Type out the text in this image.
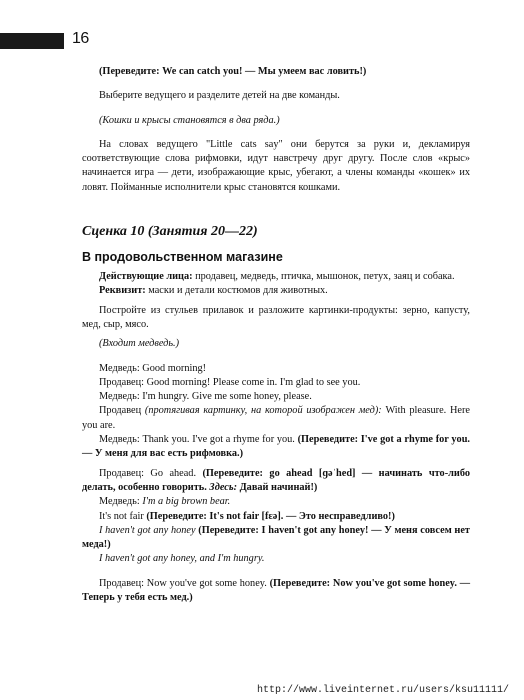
16

(Переведите: We can catch you! — Мы умеем вас ловить!)

Выберите ведущего и разделите детей на две команды.

(Кошки и крысы становятся в два ряда.)

На словах ведущего "Little cats say" они берутся за руки и, декламируя соответствующие слова рифмовки, идут навстречу друг другу. После слов «крыс» начинается игра — дети, изображающие крыс, убегают, а члены команды «кошек» их ловят. Пойманные исполнители крыс становятся кошками.

Сценка 10 (Занятия 20—22)
В продовольственном магазине

Действующие лица: продавец, медведь, птичка, мышонок, петух, заяц и собака.

Реквизит: маски и детали костюмов для животных.

Постройте из стульев прилавок и разложите картинки-продукты: зерно, капусту, мед, сыр, мясо.

(Входит медведь.)

Медведь: Good morning!

Продавец: Good morning! Please come in. I'm glad to see you.

Медведь: I'm hungry. Give me some honey, please.

Продавец (протягивая картинку, на которой изображен мед): With pleasure. Here you are.

Медведь: Thank you. I've got a rhyme for you. (Переведите: I've got a rhyme for you. — У меня для вас есть рифмовка.)

Продавец: Go ahead. (Переведите: go ahead [ɡəˈhed] — начинать что-либо делать, особенно говорить. Здесь: Давай начинай!)

Медведь: I'm a big brown bear.

It's not fair (Переведите: It's not fair [fɛə]. — Это несправедливо!)

I haven't got any honey (Переведите: I haven't got any honey! — У меня совсем нет меда!)

I haven't got any honey, and I'm hungry.

Продавец: Now you've got some honey. (Переведите: Now you've got some honey. — Теперь у тебя есть мед.)

http://www.liveinternet.ru/users/ksu11111/
